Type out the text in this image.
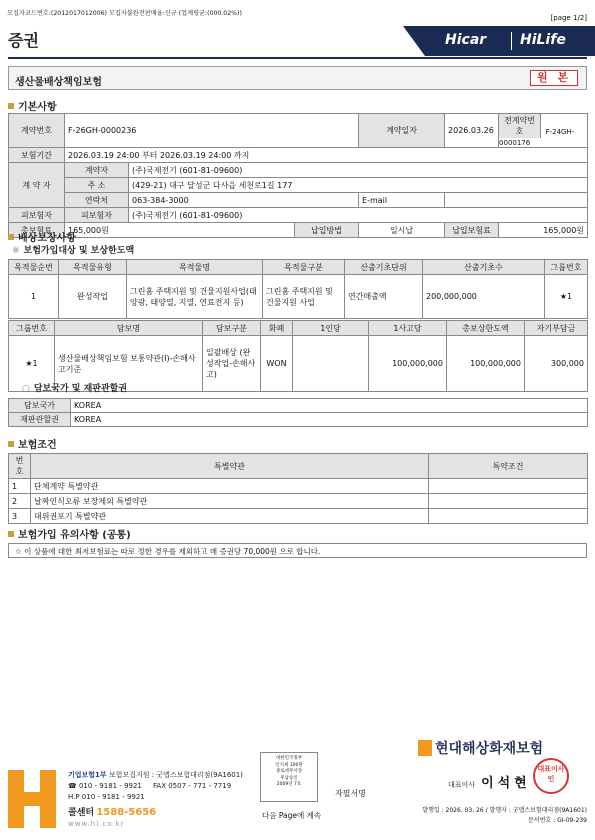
모집자코드번호:(2012017012006) 모집자불완전판매율:신규 (업계평균:(000.02%))
[page 1/2]
증권	Hicar HiLife
생산물배상책임보험	원 본
기본사항
계약번호	F-26GH-0000236			계약일자	2026.03.26	전계약번호 F-24GH-0000176
보험기간	2026.03.19 24:00 부터 2026.03.19 24:00 까지					
계 약 자	계약자	(주)국제전기 (601-81-09600)				
	주 소	(429-21) 대구 달성군 다사읍 세천로1길 177				
	연락처	063-384-3000		E-mail		
피보험자	피보험자	(주)국제전기 (601-81-09600)				
총보험료	165,000원		납입방법	일시납	납입보험료	165,000원
배상보장사항
※ 보험가입대상 및 보상한도액
목적물순번	목적물유형	목적물명	목적물구분	산출기초단위	산출기초수	그룹번호
1	완성작업	그린홈 주택지원 및 건물지원사업(태양광, 태양열, 지열, 연료전지 등)	그린홈 주택지원 및 건물지원 사업	연간매출액	200,000,000	★1
그룹번호	담보명	담보구분	화폐	1인당	1사고당	총보상한도액	자기부담금
★1	생산물배상책임보험 보통약관(Ⅰ)-손해사고기준	일괄배상 (완성작업-손해사고)	WON		100,000,000	100,000,000	300,000
○ 담보국가 및 재판관할권
담보국가	KOREA
재판관할권	KOREA
보험조건
번호	특별약관	특약조건
1	단체계약 특별약관	
2	날짜인식오류 보장제외 특별약관	
3	대위권포기 특별약관	
보험가입 유의사항 (공통)
☆ 이 상품에 대한 최저보험료는 따로 정한 경우를 제외하고 매 증권당 70,000원 으로 합니다.
기업보험1부 보험모집지원 : 굿맵스보험대리점(9A1601)
☎ 010 - 9181 - 9921 FAX 0507 - 771 - 7719
H.P 010 - 9181 - 9921
콜센터 1588-5656
www.hi.co.kr
대한민국정부
인지세 100원
종로세무서장
후납승인
2009년 7호
자필서명
다음 Page에 계속
현대해상화재보험
대표이사 이석현
대표이사인
발행일 : 2026. 03. 26 / 발행자 : 굿맵스보험대리점(9A1601)
문서번호 : GI-09-239
